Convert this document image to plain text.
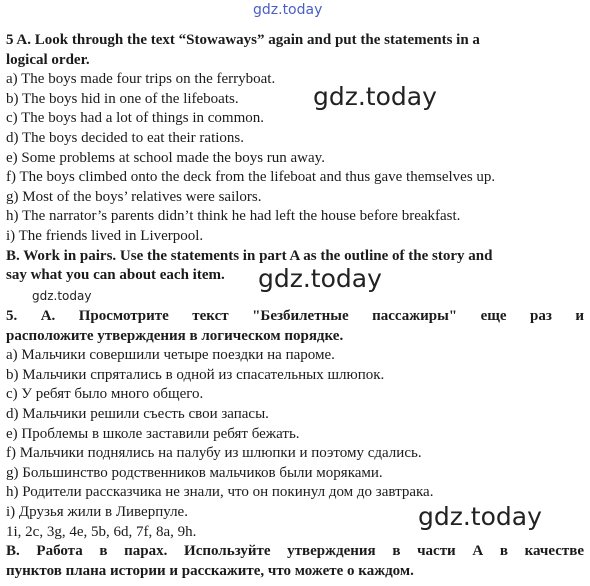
5 A. Look through the text “Stowaways” again and put the statements in a
logical order.
a) The boys made four trips on the ferryboat.
b) The boys hid in one of the lifeboats.
c) The boys had a lot of things in common.
d) The boys decided to eat their rations.
e) Some problems at school made the boys run away.
f) The boys climbed onto the deck from the lifeboat and thus gave themselves up.
g) Most of the boys’ relatives were sailors.
h) The narrator’s parents didn’t think he had left the house before breakfast.
i) The friends lived in Liverpool.
B. Work in pairs. Use the statements in part A as the outline of the story and
say what you can about each item.
5. А. Просмотрите текст "Безбилетные пассажиры" еще раз и
расположите утверждения в логическом порядке.
a) Мальчики совершили четыре поездки на пароме.
b) Мальчики спрятались в одной из спасательных шлюпок.
c) У ребят было много общего.
d) Мальчики решили съесть свои запасы.
e) Проблемы в школе заставили ребят бежать.
f) Мальчики поднялись на палубу из шлюпки и поэтому сдались.
g) Большинство родственников мальчиков были моряками.
h) Родители рассказчика не знали, что он покинул дом до завтрака.
i) Друзья жили в Ливерпуле.
1i, 2c, 3g, 4e, 5b, 6d, 7f, 8a, 9h.
В. Работа в парах. Используйте утверждения в части А в качестве
пунктов плана истории и расскажите, что можете о каждом.
gdz.today
gdz.today
gdz.today
gdz.today
gdz.today
